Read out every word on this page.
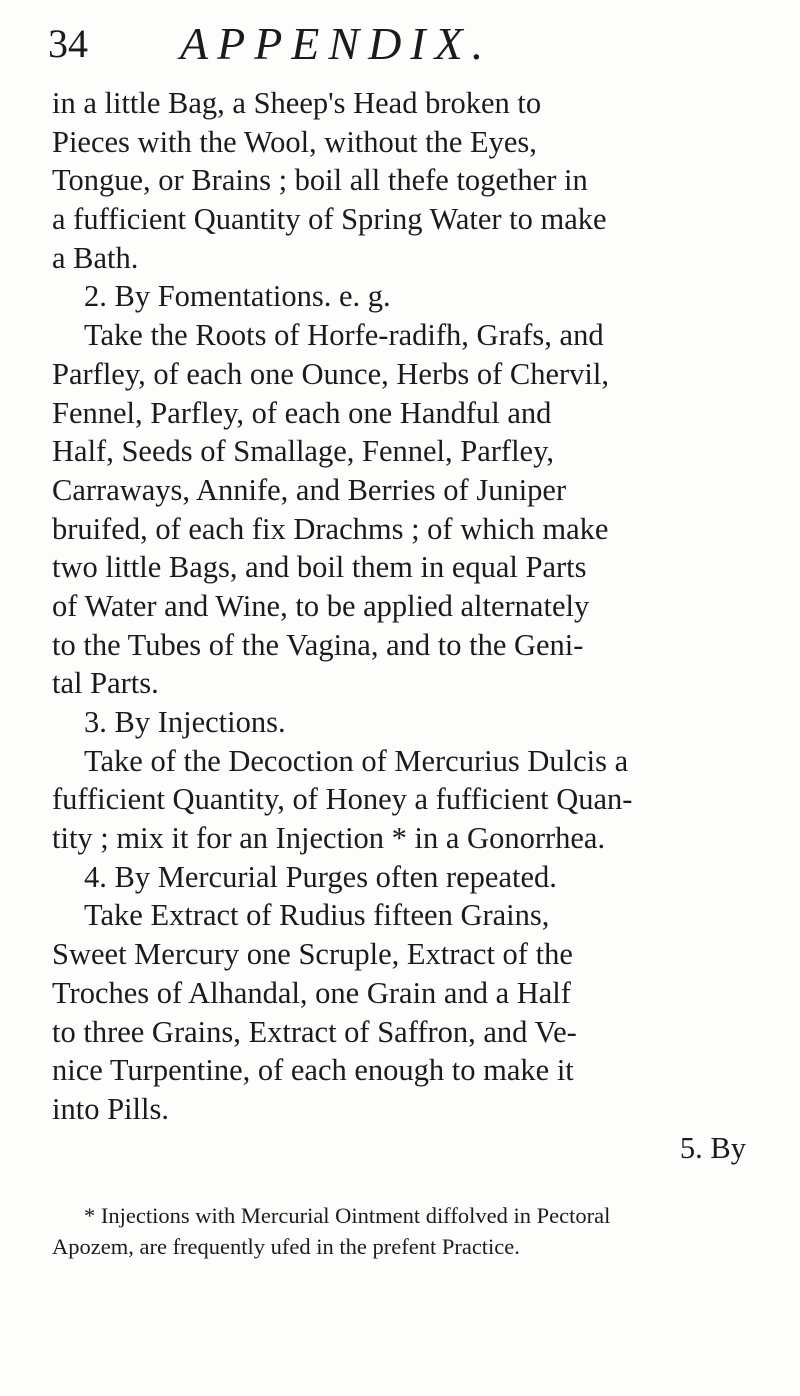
34 APPENDIX.
in a little Bag, a Sheep's Head broken to
Pieces with the Wool, without the Eyes,
Tongue, or Brains ; boil all thefe together in
a fufficient Quantity of Spring Water to make
a Bath.
2. By Fomentations. e. g.
Take the Roots of Horfe-radifh, Grafs, and
Parfley, of each one Ounce, Herbs of Chervil,
Fennel, Parfley, of each one Handful and
Half, Seeds of Smallage, Fennel, Parfley,
Carraways, Annife, and Berries of Juniper
bruifed, of each fix Drachms ; of which make
two little Bags, and boil them in equal Parts
of Water and Wine, to be applied alternately
to the Tubes of the Vagina, and to the Geni-
tal Parts.
3. By Injections.
Take of the Decoction of Mercurius Dulcis a
fufficient Quantity, of Honey a fufficient Quan-
tity ; mix it for an Injection * in a Gonorrhea.
4. By Mercurial Purges often repeated.
Take Extract of Rudius fifteen Grains,
Sweet Mercury one Scruple, Extract of the
Troches of Alhandal, one Grain and a Half
to three Grains, Extract of Saffron, and Ve-
nice Turpentine, of each enough to make it
into Pills.
5. By
* Injections with Mercurial Ointment diffolved in Pectoral
Apozem, are frequently ufed in the prefent Practice.
